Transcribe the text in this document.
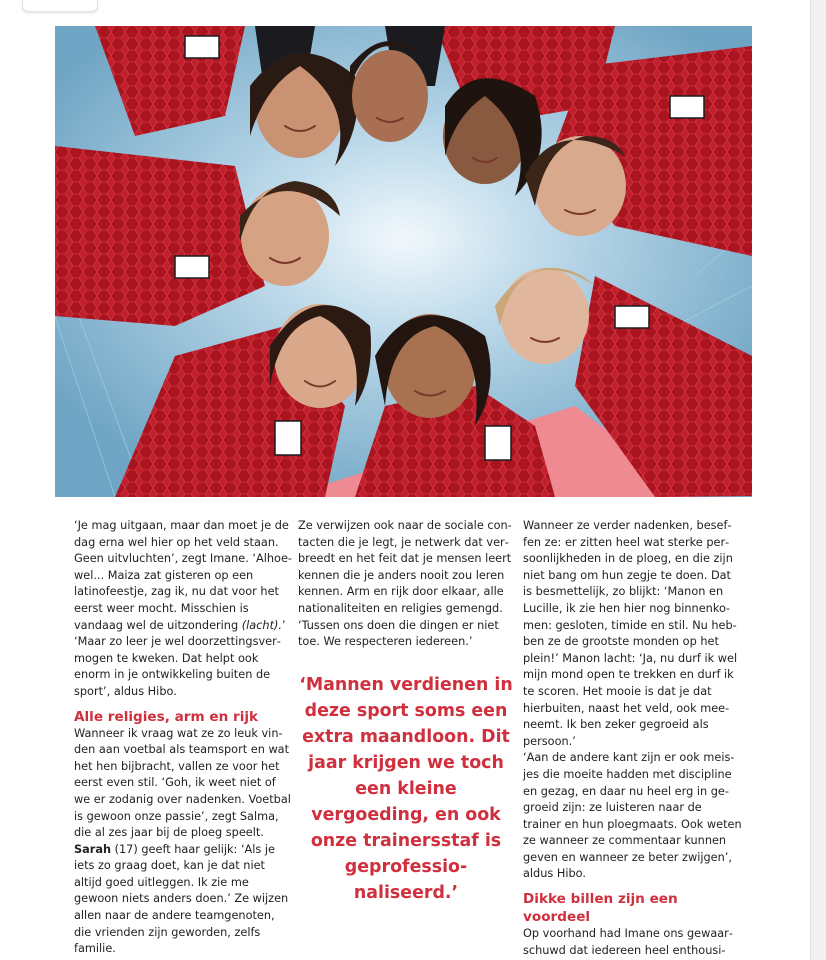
‘Je mag uitgaan, maar dan moet je de dag erna wel hier op het veld staan. Geen uitvluchten’, zegt Imane. ‘Alhoewel... Maiza zat gisteren op een latinofeestje, zag ik, nu dat voor het eerst weer mocht. Misschien is vandaag wel de uitzondering (lacht).’

‘Maar zo leer je wel doorzettingsvermogen te kweken. Dat helpt ook enorm in je ontwikkeling buiten de sport’, aldus Hibo.

Alle religies, arm en rijk

Wanneer ik vraag wat ze zo leuk vinden aan voetbal als teamsport en wat het hen bijbracht, vallen ze voor het eerst even stil. ‘Goh, ik weet niet of we er zodanig over nadenken. Voetbal is gewoon onze passie’, zegt Salma, die al zes jaar bij de ploeg speelt.

Sarah (17) geeft haar gelijk: ‘Als je iets zo graag doet, kan je dat niet altijd goed uitleggen. Ik zie me gewoon niets anders doen.’ Ze wijzen allen naar de andere teamgenoten, die vrienden zijn geworden, zelfs familie.

Ze verwijzen ook naar de sociale contacten die je legt, je netwerk dat verbreedt en het feit dat je mensen leert kennen die je anders nooit zou leren kennen. Arm en rijk door elkaar, alle nationaliteiten en religies gemengd. ‘Tussen ons doen die dingen er niet toe. We respecteren iedereen.’

‘Mannen verdienen in deze sport soms een extra maandloon. Dit jaar krijgen we toch een kleine vergoeding, en ook onze trainersstaf is geprofessionaliseerd.’

Wanneer ze verder nadenken, beseffen ze: er zitten heel wat sterke persoonlijkheden in de ploeg, en die zijn niet bang om hun zegje te doen. Dat is besmettelijk, zo blijkt: ‘Manon en Lucille, ik zie hen hier nog binnenkomen: gesloten, timide en stil. Nu hebben ze de grootste monden op het plein!’ Manon lacht: ‘Ja, nu durf ik wel mijn mond open te trekken en durf ik te scoren. Het mooie is dat je dat hierbuiten, naast het veld, ook meeneemt. Ik ben zeker gegroeid als persoon.’

‘Aan de andere kant zijn er ook meisjes die moeite hadden met discipline en gezag, en daar nu heel erg in gegroeid zijn: ze luisteren naar de trainer en hun ploegmaats. Ook weten ze wanneer ze commentaar kunnen geven en wanneer ze beter zwijgen’, aldus Hibo.

Dikke billen zijn een voordeel

Op voorhand had Imane ons gewaarschuwd dat iedereen heel enthousi-
